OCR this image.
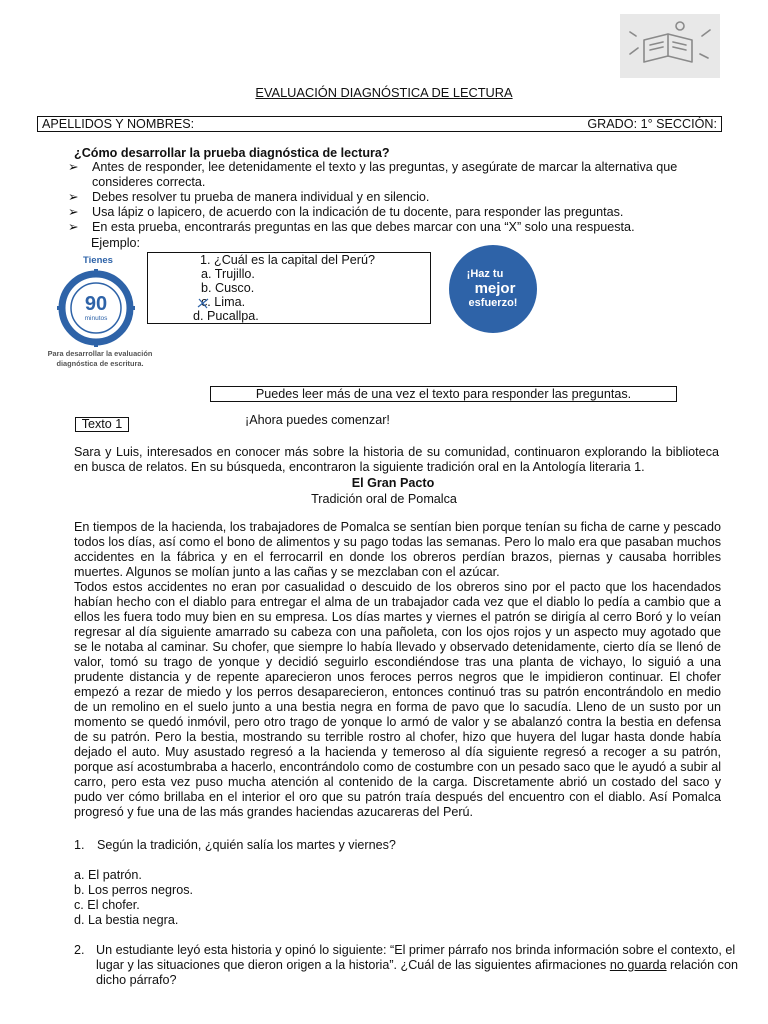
EVALUACIÓN DIAGNÓSTICA DE LECTURA
APELLIDOS Y NOMBRES:	GRADO: 1° SECCIÓN:
¿Cómo desarrollar la prueba diagnóstica de lectura?
➢ Antes de responder, lee detenidamente el texto y las preguntas, y asegúrate de marcar la alternativa que consideres correcta.
➢ Debes resolver tu prueba de manera individual y en silencio.
➢ Usa lápiz o lapicero, de acuerdo con la indicación de tu docente, para responder las preguntas.
➢ En esta prueba, encontrarás preguntas en las que debes marcar con una “X” solo una respuesta.
Ejemplo:
Tienes
90
minutos
Para desarrollar la evaluación
diagnóstica de escritura.
1. ¿Cuál es la capital del Perú?
a. Trujillo.
b. Cusco.
c. Lima.
d. Pucallpa.
¡Haz tu
mejor
esfuerzo!
Puedes leer más de una vez el texto para responder las preguntas.
Texto 1	¡Ahora puedes comenzar!
Sara y Luis, interesados en conocer más sobre la historia de su comunidad, continuaron explorando la biblioteca en busca de relatos. En su búsqueda, encontraron la siguiente tradición oral en la Antología literaria 1.
El Gran Pacto
Tradición oral de Pomalca

En tiempos de la hacienda, los trabajadores de Pomalca se sentían bien porque tenían su ficha de carne y pescado todos los días, así como el bono de alimentos y su pago todas las semanas. Pero lo malo era que pasaban muchos accidentes en la fábrica y en el ferrocarril en donde los obreros perdían brazos, piernas y causaba horribles muertes. Algunos se molían junto a las cañas y se mezclaban con el azúcar.

Todos estos accidentes no eran por casualidad o descuido de los obreros sino por el pacto que los hacendados habían hecho con el diablo para entregar el alma de un trabajador cada vez que el diablo lo pedía a cambio que a ellos les fuera todo muy bien en su empresa. Los días martes y viernes el patrón se dirigía al cerro Boró y lo veían regresar al día siguiente amarrado su cabeza con una pañoleta, con los ojos rojos y un aspecto muy agotado que se le notaba al caminar. Su chofer, que siempre lo había llevado y observado detenidamente, cierto día se llenó de valor, tomó su trago de yonque y decidió seguirlo escondiéndose tras una planta de vichayo, lo siguió a una prudente distancia y de repente aparecieron unos feroces perros negros que le impidieron continuar. El chofer empezó a rezar de miedo y los perros desaparecieron, entonces continuó tras su patrón encontrándolo en medio de un remolino en el suelo junto a una bestia negra en forma de pavo que lo sacudía. Lleno de un susto por un momento se quedó inmóvil, pero otro trago de yonque lo armó de valor y se abalanzó contra la bestia en defensa de su patrón. Pero la bestia, mostrando su terrible rostro al chofer, hizo que huyera del lugar hasta donde había dejado el auto. Muy asustado regresó a la hacienda y temeroso al día siguiente regresó a recoger a su patrón, porque así acostumbraba a hacerlo, encontrándolo como de costumbre con un pesado saco que le ayudó a subir al carro, pero esta vez puso mucha atención al contenido de la carga. Discretamente abrió un costado del saco y pudo ver cómo brillaba en el interior el oro que su patrón traía después del encuentro con el diablo. Así Pomalca progresó y fue una de las más grandes haciendas azucareras del Perú.

1. Según la tradición, ¿quién salía los martes y viernes?
a. El patrón.
b. Los perros negros.
c. El chofer.
d. La bestia negra.
2. Un estudiante leyó esta historia y opinó lo siguiente: “El primer párrafo nos brinda información sobre el contexto, el lugar y las situaciones que dieron origen a la historia”. ¿Cuál de las siguientes afirmaciones no guarda relación con dicho párrafo?
